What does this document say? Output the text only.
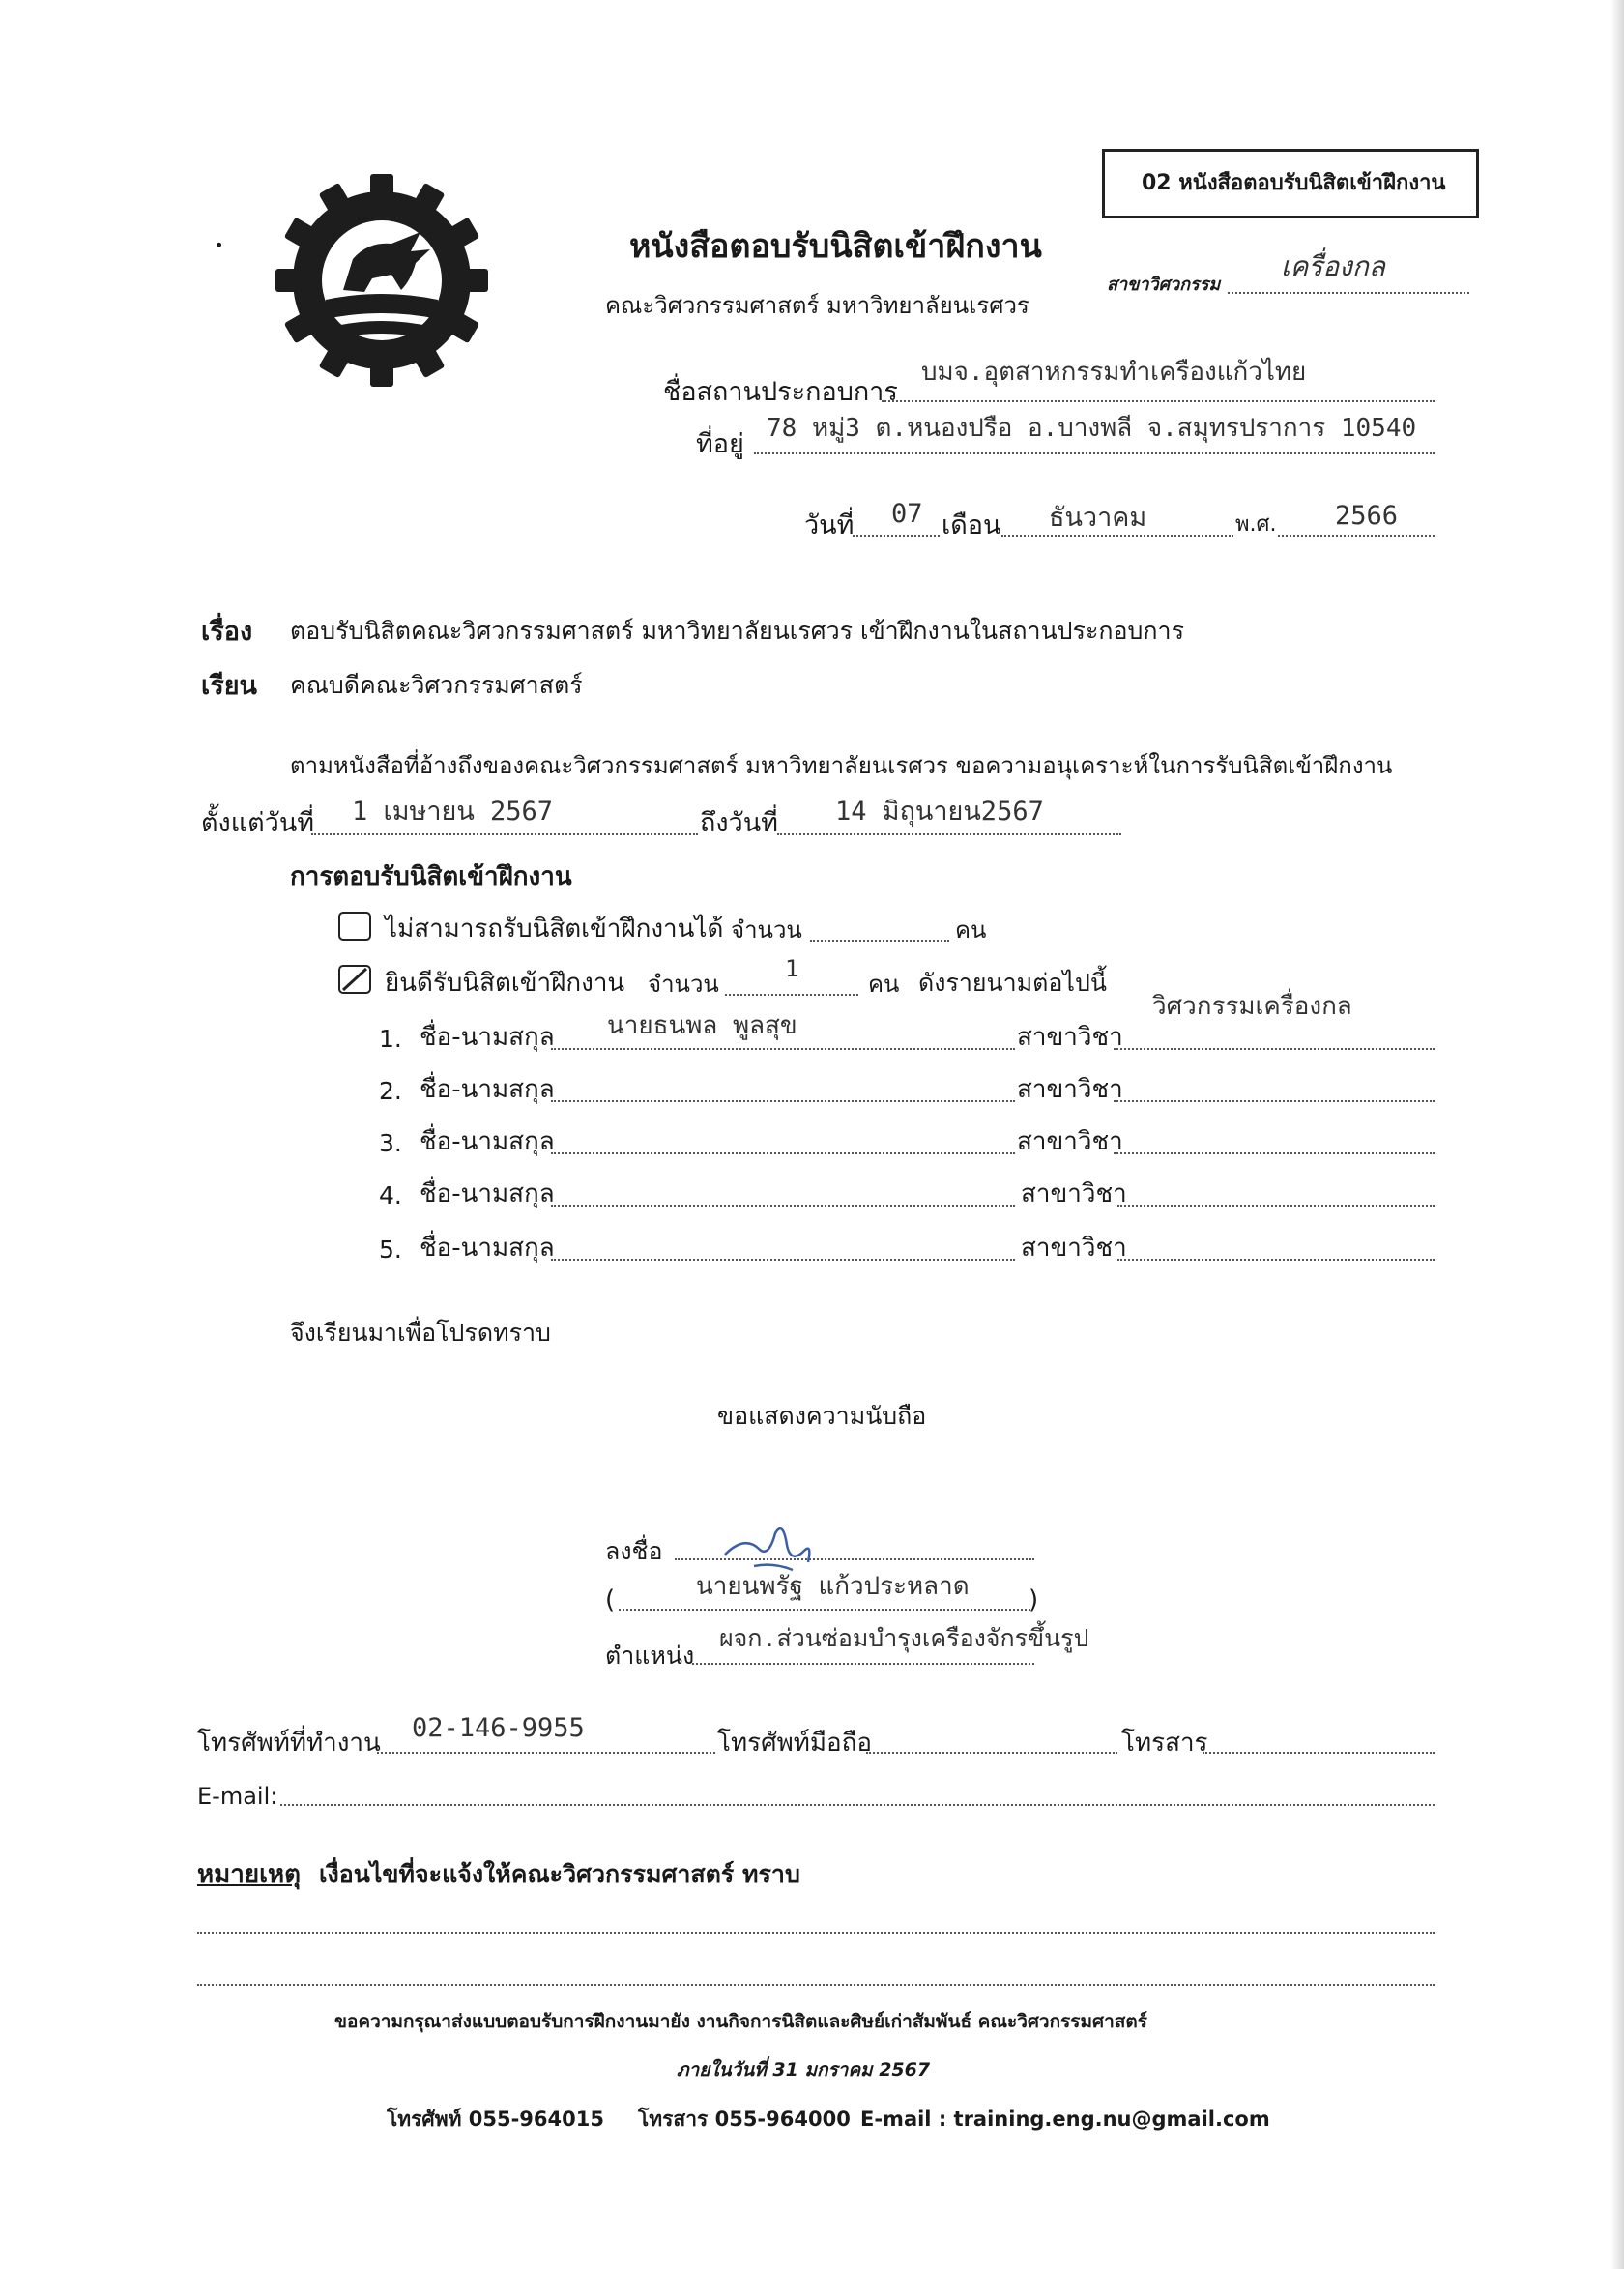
02 หนังสือตอบรับนิสิตเข้าฝึกงาน
•	หนังสือตอบรับนิสิตเข้าฝึกงาน
คณะวิศวกรรมศาสตร์ มหาวิทยาลัยนเรศวร
สาขาวิศวกรรม
เครื่องกล
ชื่อสถานประกอบการ
บมจ.อุตสาหกรรมทำเครืองแก้วไทย
ที่อยู่
78 หมู่3 ต.หนองปรือ อ.บางพลี จ.สมุทรปราการ 10540
วันที่ 07 เดือน ธันวาคม	พ.ศ. 2566
เรื่อง ตอบรับนิสิตคณะวิศวกรรมศาสตร์ มหาวิทยาลัยนเรศวร เข้าฝึกงานในสถานประกอบการ
เรียน คณบดีคณะวิศวกรรมศาสตร์
ตามหนังสือที่อ้างถึงของคณะวิศวกรรมศาสตร์ มหาวิทยาลัยนเรศวร ขอความอนุเคราะห์ในการรับนิสิตเข้าฝึกงาน
ตั้งแต่วันที่ 1 เมษายน 2567	ถึงวันที่ 14 มิถุนายน2567
การตอบรับนิสิตเข้าฝึกงาน
ไม่สามารถรับนิสิตเข้าฝึกงานได้ จำนวน	คน
ยินดีรับนิสิตเข้าฝึกงาน จำนวน
1
คน ดังรายนามต่อไปนี้
1. ชื่อ-นามสกุล นายธนพล พูลสุข	สาขาวิชา
วิศวกรรมเครื่องกล
2. ชื่อ-นามสกุล	สาขาวิชา
3. ชื่อ-นามสกุล	สาขาวิชา
4. ชื่อ-นามสกุล	สาขาวิชา
5. ชื่อ-นามสกุล	สาขาวิชา
จึงเรียนมาเพื่อโปรดทราบ
ขอแสดงความนับถือ
ลงชื่อ
(	นายนพรัฐ แก้วประหลาด )
ตำแหน่ง
ผจก.ส่วนซ่อมบำรุงเครืองจักรขึ้นรูป
โทรศัพท์ที่ทำงาน 02-146-9955	โทรศัพท์มือถือ	โทรสาร
E-mail:
หมายเหตุ เงื่อนไขที่จะแจ้งให้คณะวิศวกรรมศาสตร์ ทราบ
ขอความกรุณาส่งแบบตอบรับการฝึกงานมายัง งานกิจการนิสิตและศิษย์เก่าสัมพันธ์ คณะวิศวกรรมศาสตร์
ภายในวันที่ 31 มกราคม 2567
โทรศัพท์ 055-964015 โทรสาร 055-964000 E-mail : training.eng.nu@gmail.com
